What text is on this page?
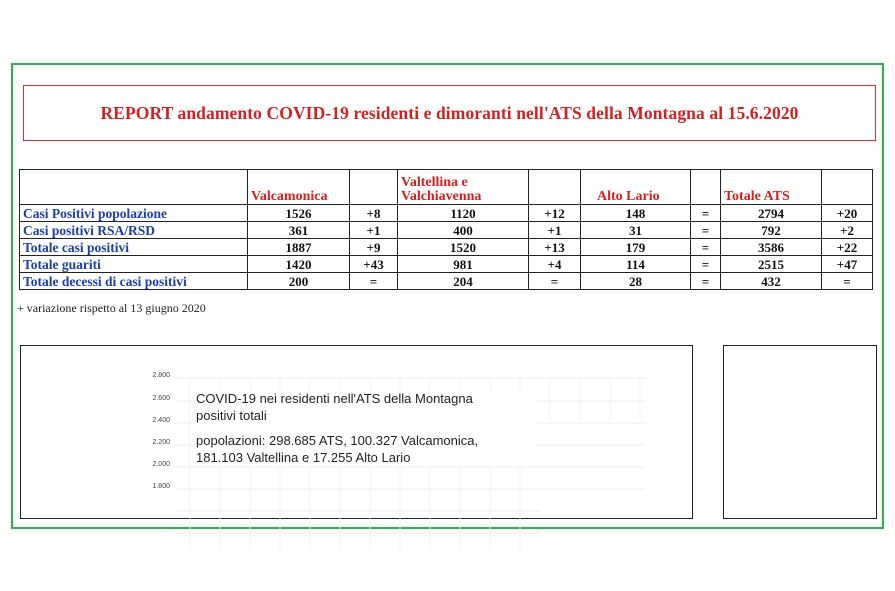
REPORT andamento COVID-19 residenti e dimoranti nell'ATS della Montagna al 15.6.2020
	Valcamonica		Valtellina e Valchiavenna		Alto Lario		Totale ATS	
Casi Positivi popolazione	1526	+8	1120	+12	148	=	2794	+20
Casi positivi RSA/RSD	361	+1	400	+1	31	=	792	+2
Totale casi positivi	1887	+9	1520	+13	179	=	3586	+22
Totale guariti	1420	+43	981	+4	114	=	2515	+47
Totale decessi di casi positivi	200	=	204	=	28	=	432	=
+ variazione rispetto al 13 giugno 2020
2.800
2.600
2.400
2.200
2.000
1.800

COVID-19 nei residenti nell'ATS della Montagna

positivi totali

popolazioni: 298.685 ATS, 100.327 Valcamonica,

181.103 Valtellina e 17.255 Alto Lario
